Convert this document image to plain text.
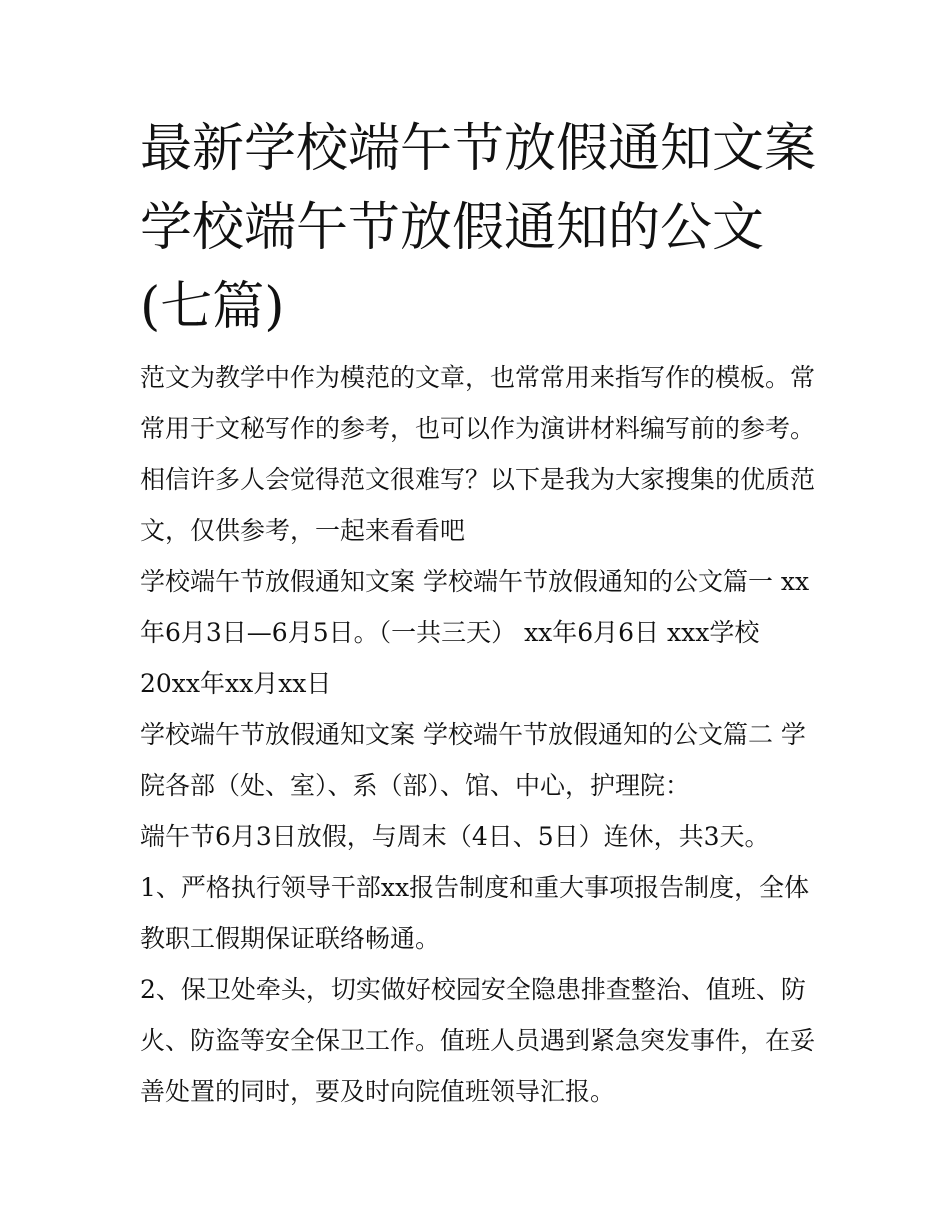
最新学校端午节放假通知文案学校端午节放假通知的公文(七篇)

范文为教学中作为模范的文章，也常常用来指写作的模板。常常用于文秘写作的参考，也可以作为演讲材料编写前的参考。相信许多人会觉得范文很难写？以下是我为大家搜集的优质范文，仅供参考，一起来看看吧

学校端午节放假通知文案 学校端午节放假通知的公文篇一 xx年6月3日—6月5日。（一共三天） xx年6月6日 xxx学校 20xx年xx月xx日

学校端午节放假通知文案 学校端午节放假通知的公文篇二 学院各部（处、室）、系（部）、馆、中心，护理院：

端午节6月3日放假，与周末（4日、5日）连休，共3天。

1、严格执行领导干部xx报告制度和重大事项报告制度，全体教职工假期保证联络畅通。

2、保卫处牵头，切实做好校园安全隐患排查整治、值班、防火、防盗等安全保卫工作。值班人员遇到紧急突发事件，在妥善处置的同时，要及时向院值班领导汇报。
